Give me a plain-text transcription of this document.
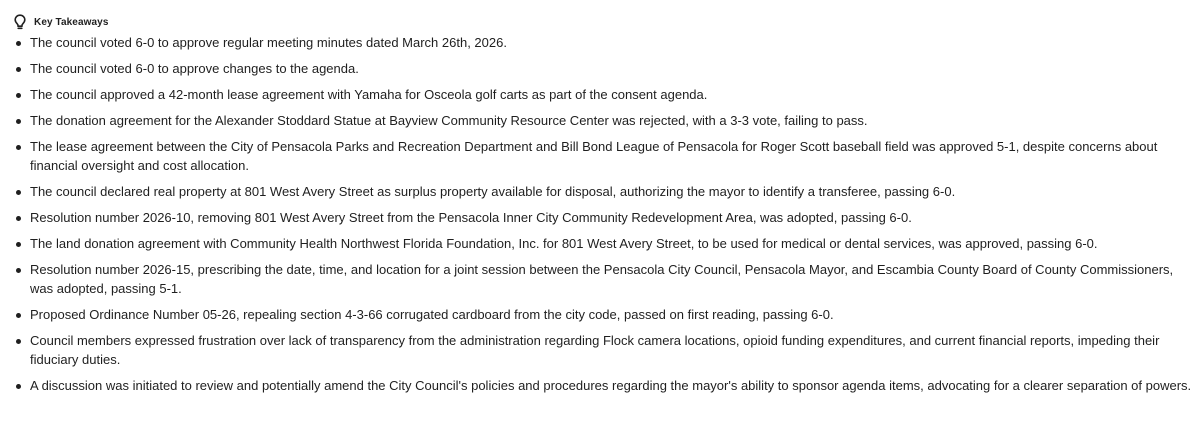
Key Takeaways
The council voted 6-0 to approve regular meeting minutes dated March 26th, 2026.
The council voted 6-0 to approve changes to the agenda.
The council approved a 42-month lease agreement with Yamaha for Osceola golf carts as part of the consent agenda.
The donation agreement for the Alexander Stoddard Statue at Bayview Community Resource Center was rejected, with a 3-3 vote, failing to pass.
The lease agreement between the City of Pensacola Parks and Recreation Department and Bill Bond League of Pensacola for Roger Scott baseball field was approved 5-1, despite concerns about financial oversight and cost allocation.
The council declared real property at 801 West Avery Street as surplus property available for disposal, authorizing the mayor to identify a transferee, passing 6-0.
Resolution number 2026-10, removing 801 West Avery Street from the Pensacola Inner City Community Redevelopment Area, was adopted, passing 6-0.
The land donation agreement with Community Health Northwest Florida Foundation, Inc. for 801 West Avery Street, to be used for medical or dental services, was approved, passing 6-0.
Resolution number 2026-15, prescribing the date, time, and location for a joint session between the Pensacola City Council, Pensacola Mayor, and Escambia County Board of County Commissioners, was adopted, passing 5-1.
Proposed Ordinance Number 05-26, repealing section 4-3-66 corrugated cardboard from the city code, passed on first reading, passing 6-0.
Council members expressed frustration over lack of transparency from the administration regarding Flock camera locations, opioid funding expenditures, and current financial reports, impeding their fiduciary duties.
A discussion was initiated to review and potentially amend the City Council's policies and procedures regarding the mayor's ability to sponsor agenda items, advocating for a clearer separation of powers.
